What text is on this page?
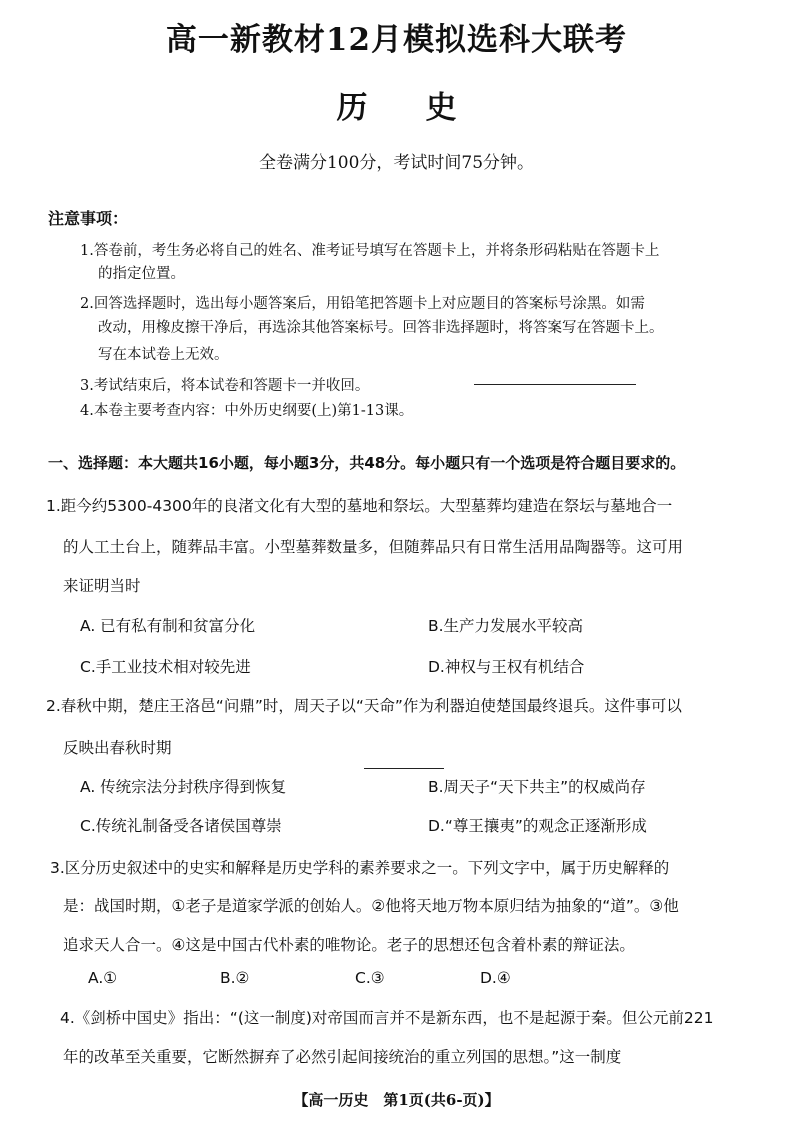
高一新教材12月模拟选科大联考
历史
全卷满分100分，考试时间75分钟。
注意事项：
1.答卷前，考生务必将自己的姓名、准考证号填写在答题卡上，并将条形码粘贴在答题卡上
的指定位置。
2.回答选择题时，选出每小题答案后，用铅笔把答题卡上对应题目的答案标号涂黑。如需
改动，用橡皮擦干净后，再选涂其他答案标号。回答非选择题时，将答案写在答题卡上。
写在本试卷上无效。
3.考试结束后，将本试卷和答题卡一并收回。
4.本卷主要考查内容：中外历史纲要(上)第1-13课。
一、选择题：本大题共16小题，每小题3分，共48分。每小题只有一个选项是符合题目要求的。
1.距今约5300-4300年的良渚文化有大型的墓地和祭坛。大型墓葬均建造在祭坛与墓地合一
的人工土台上，随葬品丰富。小型墓葬数量多，但随葬品只有日常生活用品陶器等。这可用
来证明当时
A. 已有私有制和贫富分化	B.生产力发展水平较高
C.手工业技术相对较先进	D.神权与王权有机结合
2.春秋中期，楚庄王洛邑“问鼎”时，周天子以“天命”作为利器迫使楚国最终退兵。这件事可以
反映出春秋时期
A. 传统宗法分封秩序得到恢复	B.周天子“天下共主”的权威尚存
C.传统礼制备受各诸侯国尊崇	D.“尊王攘夷”的观念正逐渐形成
3.区分历史叙述中的史实和解释是历史学科的素养要求之一。下列文字中，属于历史解释的
是：战国时期，①老子是道家学派的创始人。②他将天地万物本原归结为抽象的“道”。③他
追求天人合一。④这是中国古代朴素的唯物论。老子的思想还包含着朴素的辩证法。
A.①	B.②	C.③	D.④
4.《剑桥中国史》指出：“(这一制度)对帝国而言并不是新东西，也不是起源于秦。但公元前221
年的改革至关重要，它断然摒弃了必然引起间接统治的重立列国的思想。”这一制度
【高一历史　第1页(共6-页)】
